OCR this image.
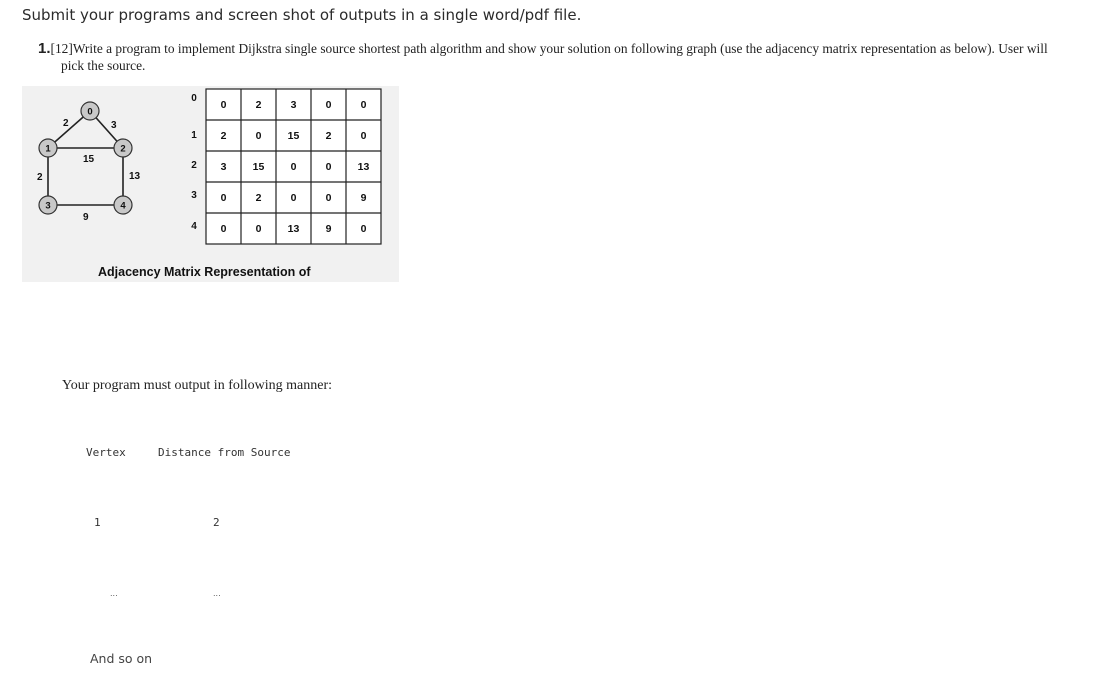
Submit your programs and screen shot of outputs in a single word/pdf file.
1.[12]Write a program to implement Dijkstra single source shortest path algorithm and show your solution on following graph (use the adjacency matrix representation as below). User will
pick the source.
2	3
15
2	13
9
0
1	2
3	4
0
1
2
3
4
0	2	3	0	0
2	0 15 2	0
3 15 0	0 13
0	2	0	0	9
0	0 13 9	0
Adjacency Matrix Representation of
Your program must output in following manner:
Vertex	Distance from Source
1	2
...	...
And so on
